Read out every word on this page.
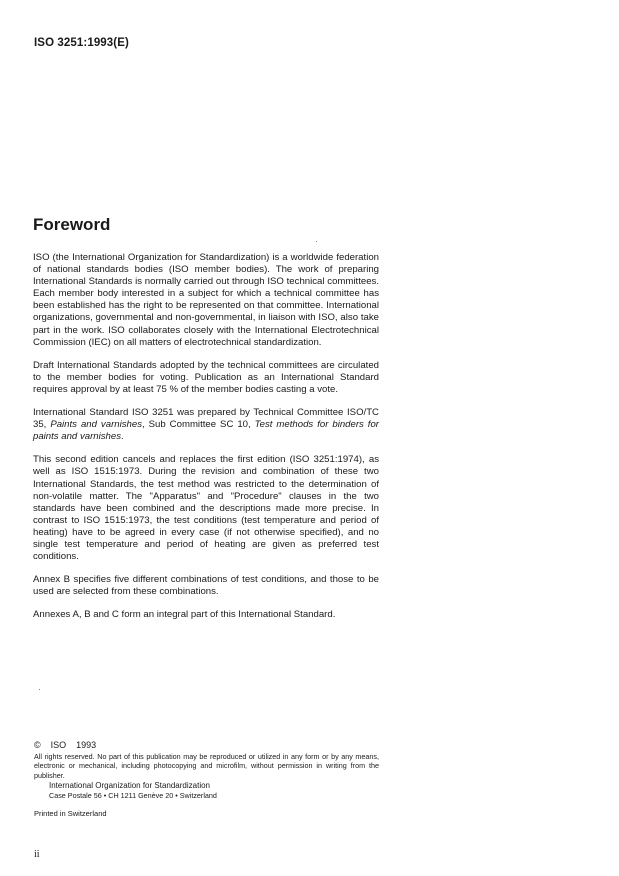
ISO 3251:1993(E)
Foreword

ISO (the International Organization for Standardization) is a worldwide federation of national standards bodies (ISO member bodies). The work of preparing International Standards is normally carried out through ISO technical committees. Each member body interested in a subject for which a technical committee has been established has the right to be represented on that committee. International organizations, governmental and non-governmental, in liaison with ISO, also take part in the work. ISO collaborates closely with the International Electrotechnical Commission (IEC) on all matters of electrotechnical standardization.

Draft International Standards adopted by the technical committees are circulated to the member bodies for voting. Publication as an International Standard requires approval by at least 75 % of the member bodies casting a vote.

International Standard ISO 3251 was prepared by Technical Committee ISO/TC 35, Paints and varnishes, Sub Committee SC 10, Test methods for binders for paints and varnishes.

This second edition cancels and replaces the first edition (ISO 3251:1974), as well as ISO 1515:1973. During the revision and combination of these two International Standards, the test method was restricted to the determination of non-volatile matter. The "Apparatus" and "Procedure" clauses in the two standards have been combined and the descriptions made more precise. In contrast to ISO 1515:1973, the test conditions (test temperature and period of heating) have to be agreed in every case (if not otherwise specified), and no single test temperature and period of heating are given as preferred test conditions.

Annex B specifies five different combinations of test conditions, and those to be used are selected from these combinations.

Annexes A, B and C form an integral part of this International Standard.

© ISO 1993
All rights reserved. No part of this publication may be reproduced or utilized in any form or by any means, electronic or mechanical, including photocopying and microfilm, without permission in writing from the publisher.
International Organization for Standardization
Case Postale 56 • CH 1211 Genève 20 • Switzerland
Printed in Switzerland
ii
